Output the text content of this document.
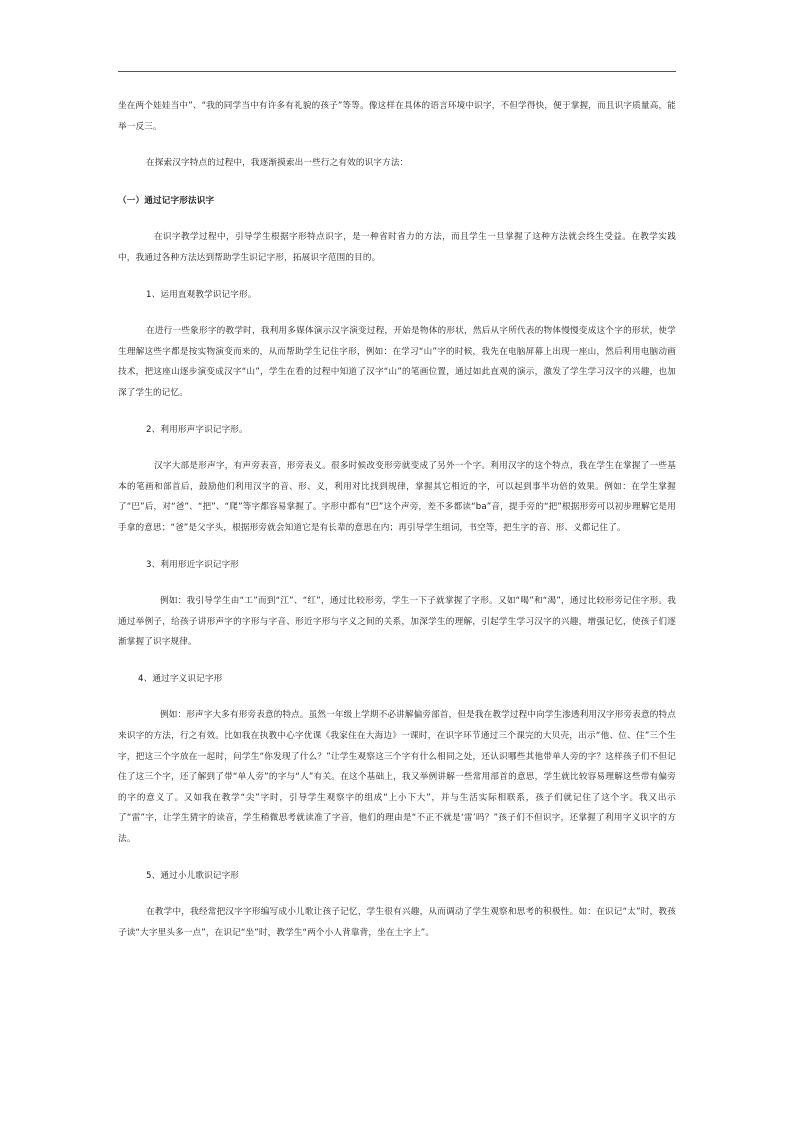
坐在两个娃娃当中”、“我的同学当中有许多有礼貌的孩子”等等。像这样在具体的语言环境中识字，不但学得快，便于掌握，而且识字质量高，能举一反三。

在探索汉字特点的过程中，我逐渐摸索出一些行之有效的识字方法：

（一）通过记字形法识字

在识字教学过程中，引导学生根据字形特点识字，是一种省时省力的方法，而且学生一旦掌握了这种方法就会终生受益。在教学实践中，我通过各种方法达到帮助学生识记字形，拓展识字范围的目的。

1、运用直观教学识记字形。

在进行一些象形字的教学时，我利用多媒体演示汉字演变过程，开始是物体的形状，然后从字所代表的物体慢慢变成这个字的形状，使学生理解这些字都是按实物演变而来的，从而帮助学生记住字形，例如：在学习“山”字的时候，我先在电脑屏幕上出现一座山，然后利用电脑动画技术，把这座山逐步演变成汉字“山”，学生在看的过程中知道了汉字“山”的笔画位置，通过如此直观的演示，激发了学生学习汉字的兴趣，也加深了学生的记忆。

2、利用形声字识记字形。

汉字大部是形声字，有声旁表音，形旁表义。很多时候改变形旁就变成了另外一个字。利用汉字的这个特点，我在学生在掌握了一些基本的笔画和部首后，鼓励他们利用汉字的音、形、义，利用对比找到规律，掌握其它相近的字，可以起到事半功倍的效果。例如：在学生掌握了“巴”后，对“爸”、“把”、“爬”等字都容易掌握了。字形中都有“巴”这个声旁，差不多都读“ba”音，提手旁的“把”根据形旁可以初步理解它是用手拿的意思；“爸”是父字头，根据形旁就会知道它是有长辈的意思在内；再引导学生组词，书空等，把生字的音、形、义都记住了。

3、利用形近字识记字形

例如：我引导学生由“工”而到“江”、“红”，通过比较形旁，学生一下子就掌握了字形。又如“喝”和“渴”，通过比较形旁记住字形。我通过举例子，给孩子讲形声字的字形与字音、形近字形与字义之间的关系，加深学生的理解，引起学生学习汉字的兴趣，增强记忆，使孩子们逐渐掌握了识字规律。

4、通过字义识记字形

例如：形声字大多有形旁表意的特点。虽然一年级上学期不必讲解偏旁部首，但是我在教学过程中向学生渗透利用汉字形旁表意的特点来识字的方法，行之有效。比如我在执教中心字优课《我家住在大海边》一课时，在识字环节通过三个课完的大贝壳，出示“他、位、住”三个生字，把这三个字放在一起时，问学生“你发现了什么？”让学生观察这三个字有什么相同之处，还认识哪些其他带单人旁的字？这样孩子们不但记住了这三个字，还了解到了带“单人旁”的字与“人”有关。在这个基础上，我又举例讲解一些常用部首的意思，学生就比较容易理解这些带有偏旁的字的意义了。又如我在教学“尖”字时，引导学生观察字的组成“上小下大”，并与生活实际相联系，孩子们就记住了这个字。我又出示了“雷”字，让学生猜字的读音，学生稍微思考就读准了字音，他们的理由是“不正不就是‘雷’吗？”孩子们不但识字，还掌握了利用字义识字的方法。

5、通过小儿歌识记字形

在教学中，我经常把汉字字形编写成小儿歌让孩子记忆，学生很有兴趣，从而调动了学生观察和思考的积极性。如：在识记“太”时，教孩子读“大字里头多一点”，在识记“坐”时，教学生“两个小人背靠背，坐在土字上”。
